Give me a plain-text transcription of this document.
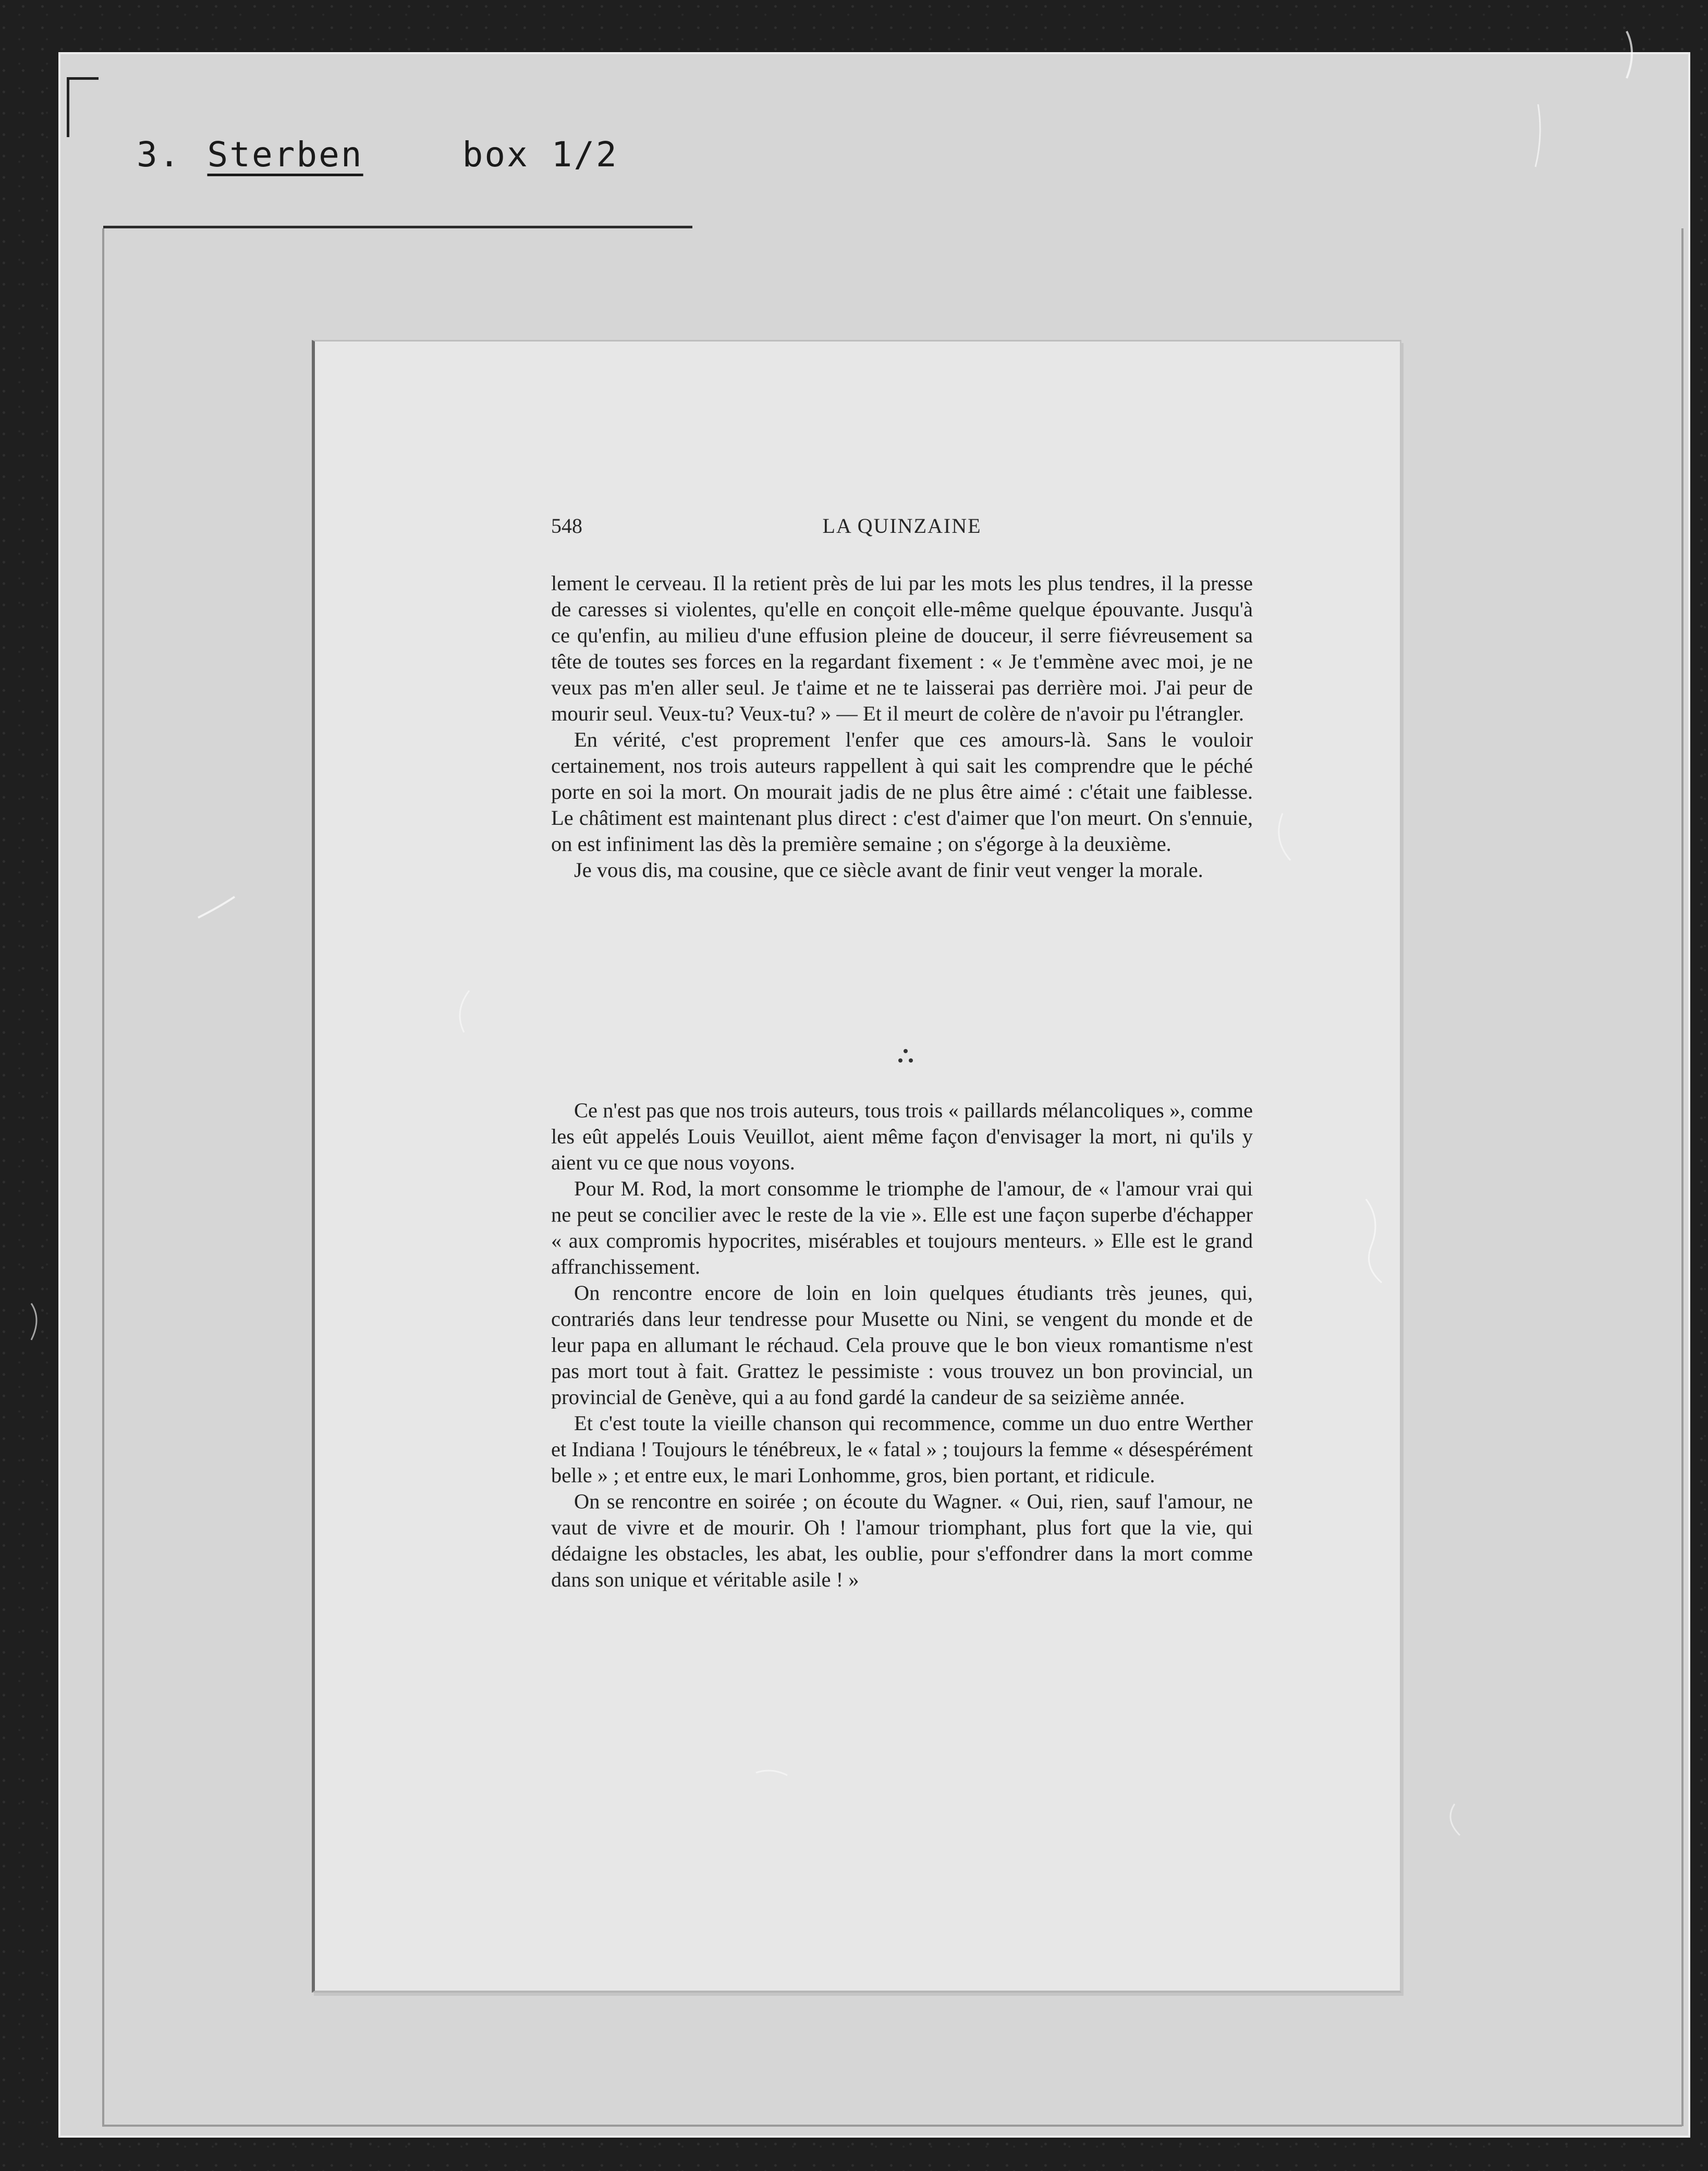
3. Sterben	box 1/2
548	LA QUINZAINE

lement le cerveau. Il la retient près de lui par les mots les plus tendres, il la presse de caresses si violentes, qu'elle en conçoit elle-même quelque épouvante. Jusqu'à ce qu'enfin, au milieu d'une effusion pleine de douceur, il serre fiévreusement sa tête de toutes ses forces en la regardant fixement : « Je t'emmène avec moi, je ne veux pas m'en aller seul. Je t'aime et ne te laisserai pas derrière moi. J'ai peur de mourir seul. Veux-tu? Veux-tu? » — Et il meurt de colère de n'avoir pu l'étrangler.

En vérité, c'est proprement l'enfer que ces amours-là. Sans le vouloir certainement, nos trois auteurs rappellent à qui sait les comprendre que le péché porte en soi la mort. On mourait jadis de ne plus être aimé : c'était une faiblesse. Le châtiment est maintenant plus direct : c'est d'aimer que l'on meurt. On s'ennuie, on est infiniment las dès la première semaine ; on s'égorge à la deuxième.

Je vous dis, ma cousine, que ce siècle avant de finir veut venger la morale.

Ce n'est pas que nos trois auteurs, tous trois « paillards mélancoliques », comme les eût appelés Louis Veuillot, aient même façon d'envisager la mort, ni qu'ils y aient vu ce que nous voyons.

Pour M. Rod, la mort consomme le triomphe de l'amour, de « l'amour vrai qui ne peut se concilier avec le reste de la vie ». Elle est une façon superbe d'échapper « aux compromis hypocrites, misérables et toujours menteurs. » Elle est le grand affranchissement.

On rencontre encore de loin en loin quelques étudiants très jeunes, qui, contrariés dans leur tendresse pour Musette ou Nini, se vengent du monde et de leur papa en allumant le réchaud. Cela prouve que le bon vieux romantisme n'est pas mort tout à fait. Grattez le pessimiste : vous trouvez un bon provincial, un provincial de Genève, qui a au fond gardé la candeur de sa seizième année.

Et c'est toute la vieille chanson qui recommence, comme un duo entre Werther et Indiana ! Toujours le ténébreux, le « fatal » ; toujours la femme « désespérément belle » ; et entre eux, le mari Lonhomme, gros, bien portant, et ridicule.

On se rencontre en soirée ; on écoute du Wagner. « Oui, rien, sauf l'amour, ne vaut de vivre et de mourir. Oh ! l'amour triomphant, plus fort que la vie, qui dédaigne les obstacles, les abat, les oublie, pour s'effondrer dans la mort comme dans son unique et véritable asile ! »
